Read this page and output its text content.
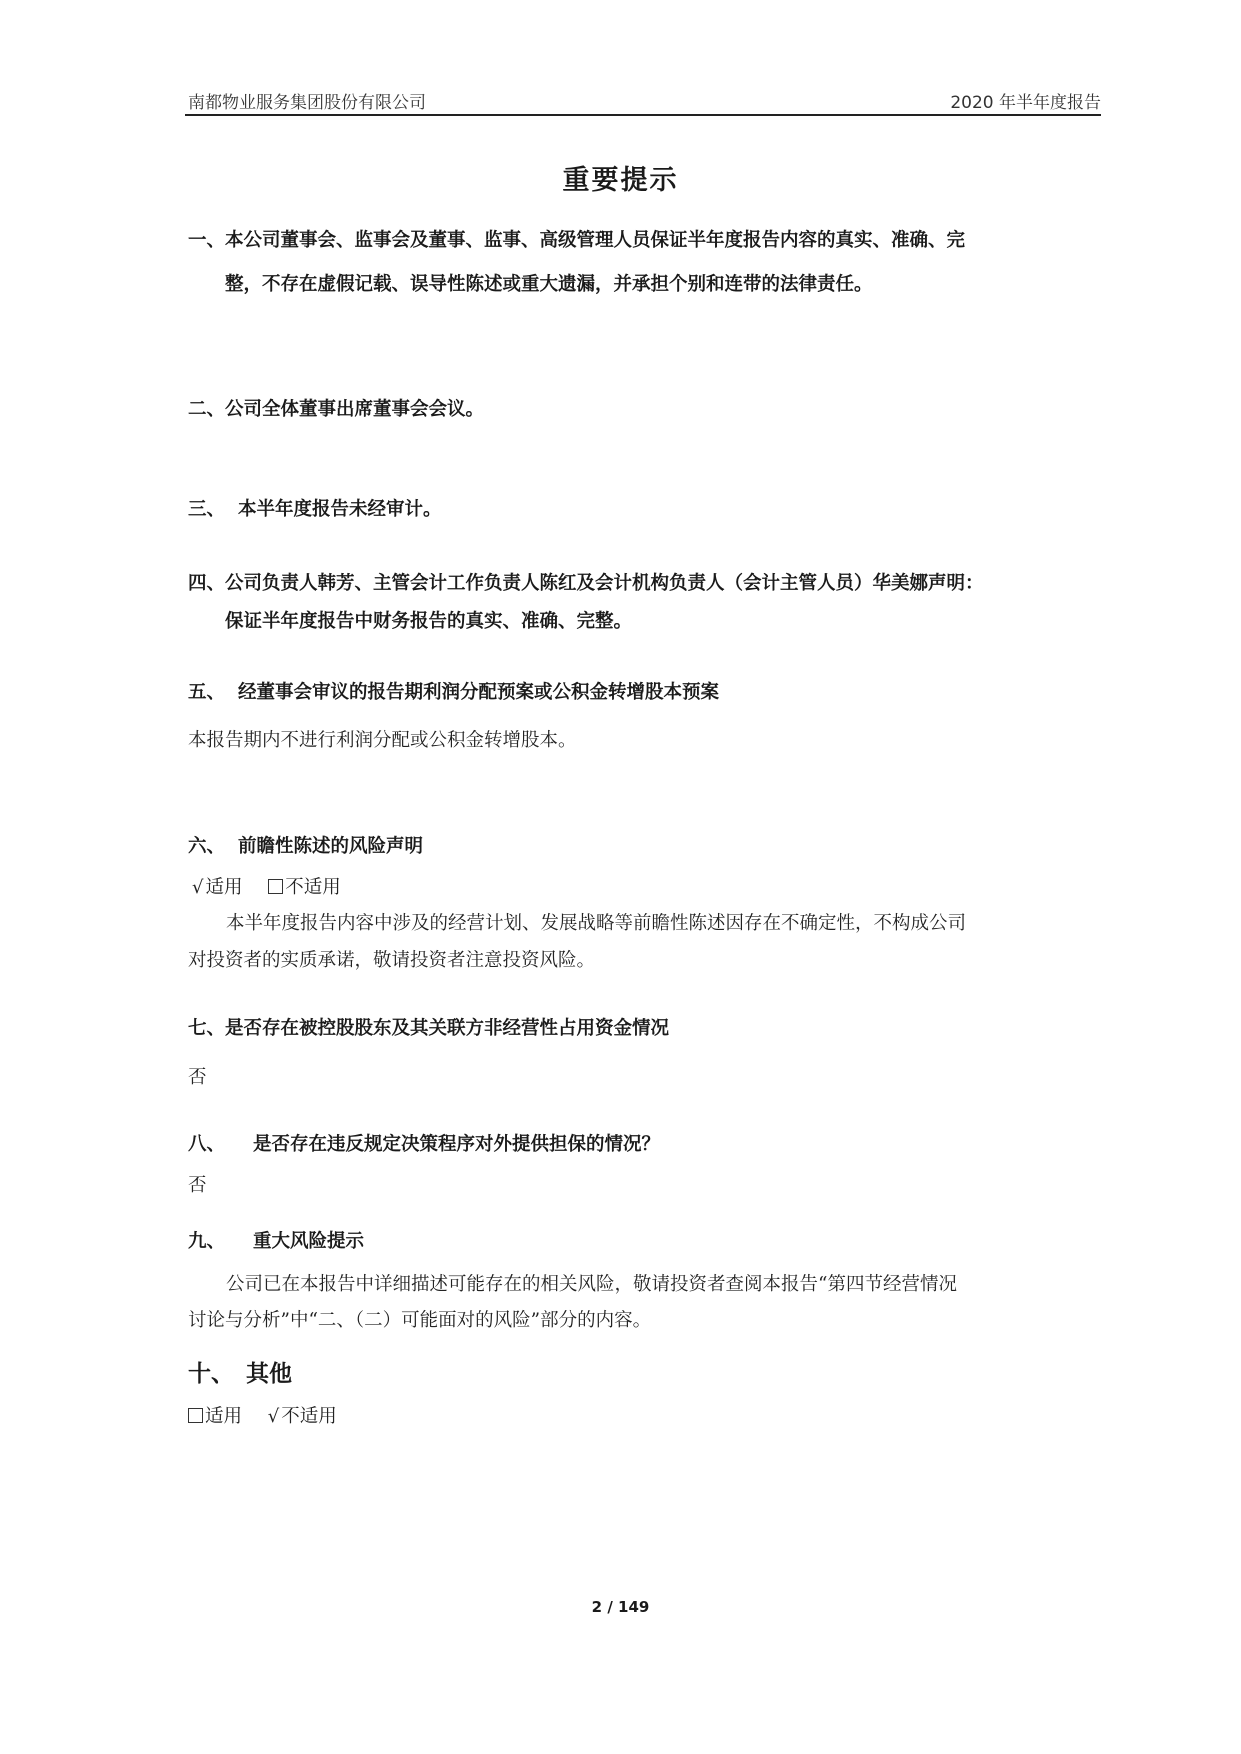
南都物业服务集团股份有限公司	2020 年半年度报告
重要提示
一、本公司董事会、监事会及董事、监事、高级管理人员保证半年度报告内容的真实、准确、完
整，不存在虚假记载、误导性陈述或重大遗漏，并承担个别和连带的法律责任。
二、公司全体董事出席董事会会议。
三、 本半年度报告未经审计。
四、公司负责人韩芳、主管会计工作负责人陈红及会计机构负责人（会计主管人员）华美娜声明：
保证半年度报告中财务报告的真实、准确、完整。
五、 经董事会审议的报告期利润分配预案或公积金转增股本预案
本报告期内不进行利润分配或公积金转增股本。
六、 前瞻性陈述的风险声明
√ 适用 不适用
本半年度报告内容中涉及的经营计划、发展战略等前瞻性陈述因存在不确定性，不构成公司
对投资者的实质承诺，敬请投资者注意投资风险。
七、是否存在被控股股东及其关联方非经营性占用资金情况
否
八、 是否存在违反规定决策程序对外提供担保的情况？
否
九、 重大风险提示
公司已在本报告中详细描述可能存在的相关风险，敬请投资者查阅本报告“第四节经营情况
讨论与分析”中“二、（二）可能面对的风险”部分的内容。
十、 其他
适用 √ 不适用
2 / 149
